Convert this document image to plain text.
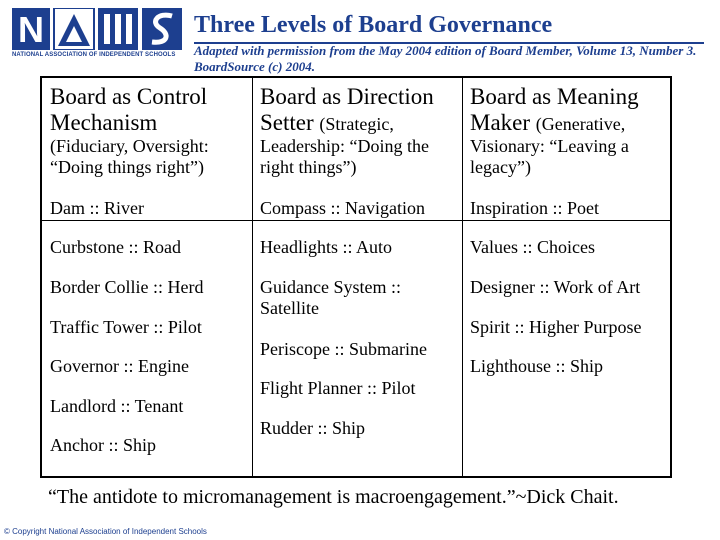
N
NATIONAL ASSOCIATION OF INDEPENDENT SCHOOLS
Three Levels of Board Governance
Adapted with permission from the May 2004 edition of Board Member, Volume 13, Number 3. BoardSource (c) 2004.
Board as Control Mechanism
(Fiduciary, Oversight: “Doing things right”)
Board as Direction Setter (Strategic,
Leadership: “Doing the right things”)
Board as Meaning Maker (Generative,
Visionary: “Leaving a legacy”)
Dam :: River
Curbstone :: Road
Border Collie :: Herd
Traffic Tower :: Pilot
Governor :: Engine
Landlord :: Tenant
Anchor :: Ship
Compass :: Navigation
Headlights :: Auto
Guidance System :: Satellite
Periscope :: Submarine
Flight Planner :: Pilot
Rudder :: Ship
Inspiration :: Poet
Values :: Choices
Designer :: Work of Art
Spirit :: Higher Purpose
Lighthouse :: Ship
“The antidote to micromanagement is macroengagement.”~Dick Chait.
© Copyright National Association of Independent Schools
